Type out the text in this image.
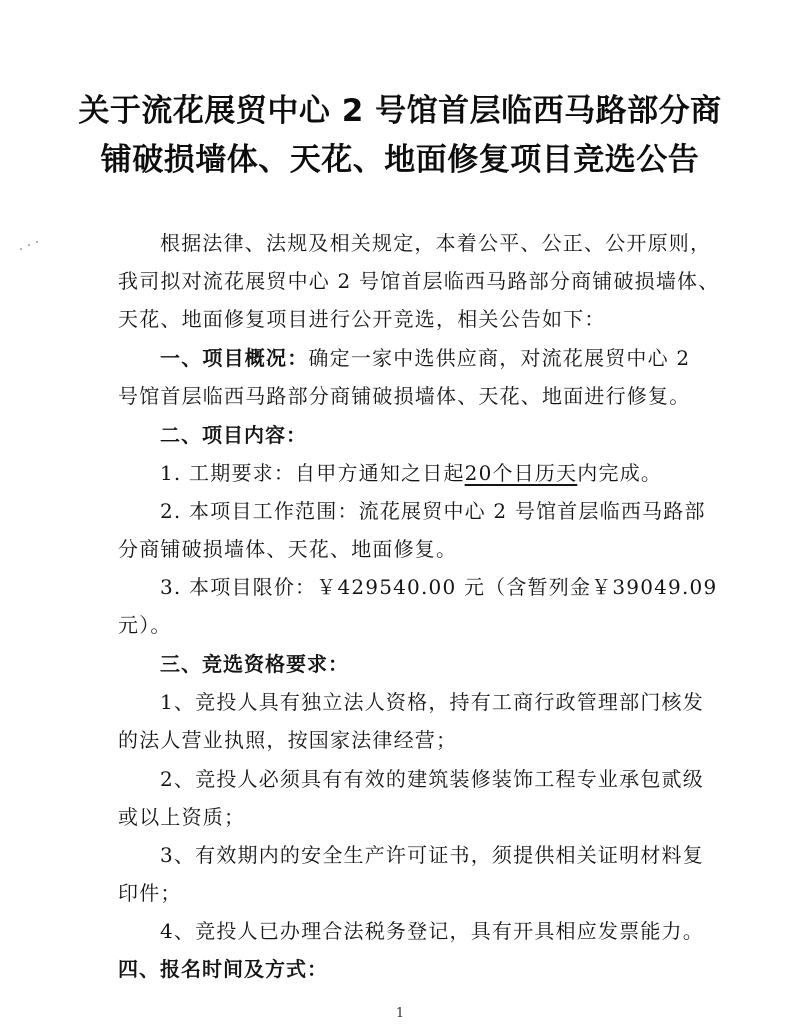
关于流花展贸中心 2 号馆首层临西马路部分商
铺破损墙体、天花、地面修复项目竞选公告
根据法律、法规及相关规定，本着公平、公正、公开原则，
我司拟对流花展贸中心 2 号馆首层临西马路部分商铺破损墙体、
天花、地面修复项目进行公开竞选，相关公告如下：
一、项目概况：确定一家中选供应商，对流花展贸中心 2
号馆首层临西马路部分商铺破损墙体、天花、地面进行修复。
二、项目内容：
1. 工期要求：自甲方通知之日起20个日历天内完成。
2. 本项目工作范围：流花展贸中心 2 号馆首层临西马路部
分商铺破损墙体、天花、地面修复。
3. 本项目限价：￥429540.00 元（含暂列金￥39049.09
元）。
三、竞选资格要求：
1、竞投人具有独立法人资格，持有工商行政管理部门核发
的法人营业执照，按国家法律经营；
2、竞投人必须具有有效的建筑装修装饰工程专业承包贰级
或以上资质；
3、有效期内的安全生产许可证书，须提供相关证明材料复
印件；
4、竞投人已办理合法税务登记，具有开具相应发票能力。
四、报名时间及方式：
1
